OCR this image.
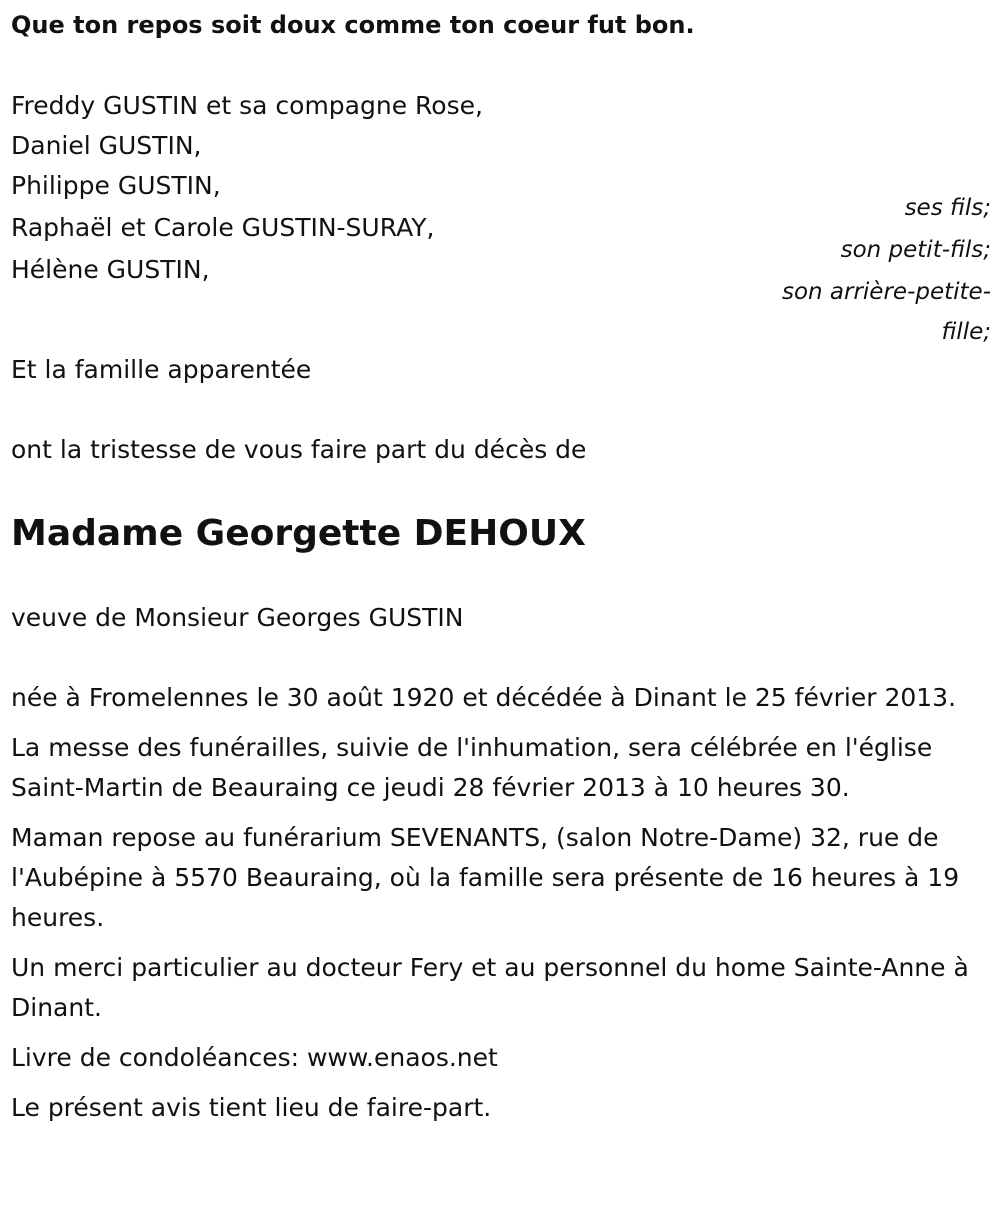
Que ton repos soit doux comme ton coeur fut bon.

Freddy GUSTIN et sa compagne Rose,
Daniel GUSTIN,
Philippe GUSTIN,
ses fils;
Raphaël et Carole GUSTIN-SURAY,
son petit-fils;
Hélène GUSTIN,
son arrière-petite-
fille;
Et la famille apparentée
ont la tristesse de vous faire part du décès de
Madame Georgette DEHOUX
veuve de Monsieur Georges GUSTIN

née à Fromelennes le 30 août 1920 et décédée à Dinant le 25 février 2013.

La messe des funérailles, suivie de l'inhumation, sera célébrée en l'église Saint-Martin de Beauraing ce jeudi 28 février 2013 à 10 heures 30.

Maman repose au funérarium SEVENANTS, (salon Notre-Dame) 32, rue de l'Aubépine à 5570 Beauraing, où la famille sera présente de 16 heures à 19 heures.

Un merci particulier au docteur Fery et au personnel du home Sainte-Anne à Dinant.

Livre de condoléances: www.enaos.net

Le présent avis tient lieu de faire-part.
